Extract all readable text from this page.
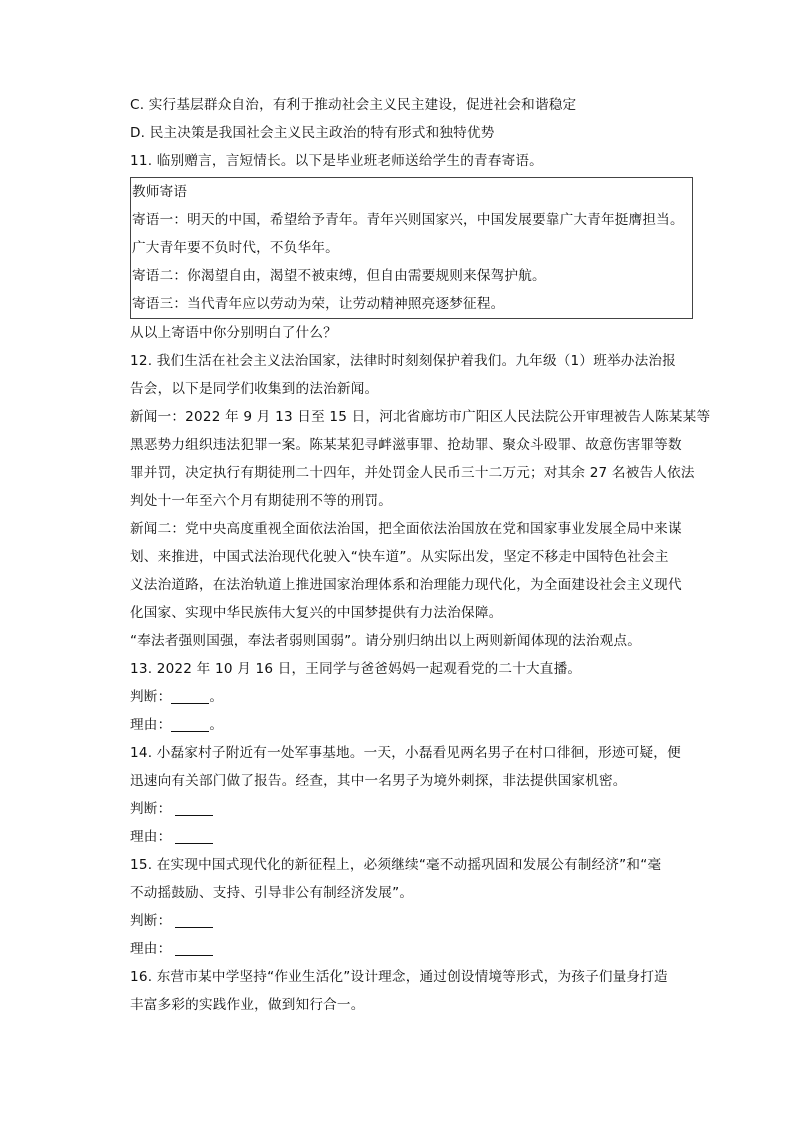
C. 实行基层群众自治，有利于推动社会主义民主建设，促进社会和谐稳定
D. 民主决策是我国社会主义民主政治的特有形式和独特优势
11. 临别赠言，言短情长。以下是毕业班老师送给学生的青春寄语。
教师寄语
寄语一：明天的中国，希望给予青年。青年兴则国家兴，中国发展要靠广大青年挺膺担当。
广大青年要不负时代，不负华年。
寄语二：你渴望自由，渴望不被束缚，但自由需要规则来保驾护航。
寄语三：当代青年应以劳动为荣，让劳动精神照亮逐梦征程。
从以上寄语中你分别明白了什么？
12. 我们生活在社会主义法治国家，法律时时刻刻保护着我们。九年级（1）班举办法治报
告会，以下是同学们收集到的法治新闻。
新闻一：2022 年 9 月 13 日至 15 日，河北省廊坊市广阳区人民法院公开审理被告人陈某某等
黑恶势力组织违法犯罪一案。陈某某犯寻衅滋事罪、抢劫罪、聚众斗殴罪、故意伤害罪等数
罪并罚，决定执行有期徒刑二十四年，并处罚金人民币三十二万元；对其余 27 名被告人依法
判处十一年至六个月有期徒刑不等的刑罚。
新闻二：党中央高度重视全面依法治国，把全面依法治国放在党和国家事业发展全局中来谋
划、来推进，中国式法治现代化驶入“快车道”。从实际出发，坚定不移走中国特色社会主
义法治道路，在法治轨道上推进国家治理体系和治理能力现代化，为全面建设社会主义现代
化国家、实现中华民族伟大复兴的中国梦提供有力法治保障。
“奉法者强则国强，奉法者弱则国弱”。请分别归纳出以上两则新闻体现的法治观点。
13. 2022 年 10 月 16 日，王同学与爸爸妈妈一起观看党的二十大直播。
判断：	。
理由：	。
14. 小磊家村子附近有一处军事基地。一天，小磊看见两名男子在村口徘徊，形迹可疑，便
迅速向有关部门做了报告。经查，其中一名男子为境外刺探，非法提供国家机密。
判断：
理由：
15. 在实现中国式现代化的新征程上，必须继续“毫不动摇巩固和发展公有制经济”和“毫
不动摇鼓励、支持、引导非公有制经济发展”。
判断：
理由：
16. 东营市某中学坚持“作业生活化”设计理念，通过创设情境等形式，为孩子们量身打造
丰富多彩的实践作业，做到知行合一。
